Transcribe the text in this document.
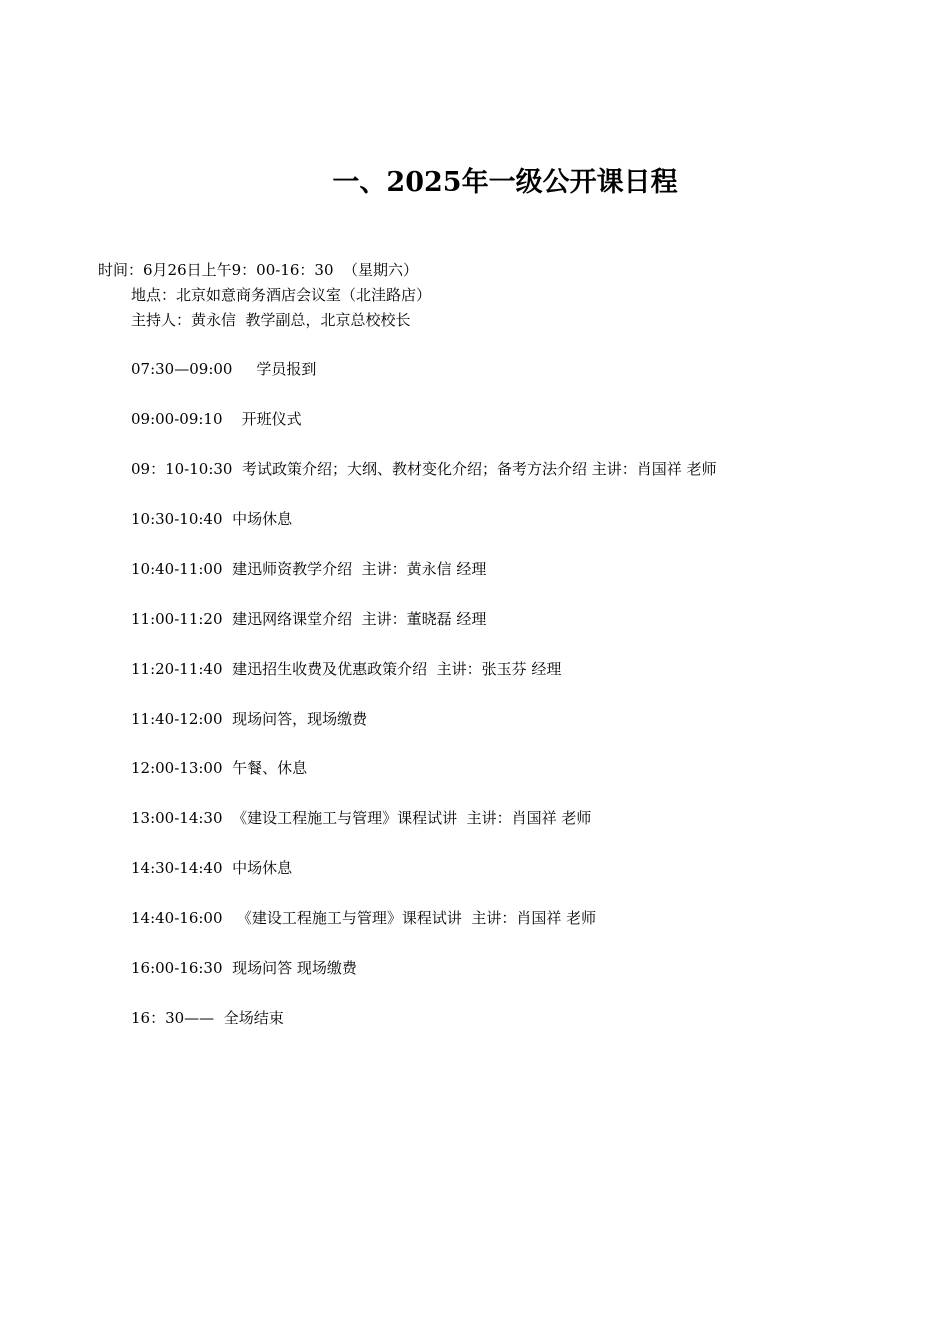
一、2025年一级公开课日程
时间：6月26日上午9：00-16：30  （星期六）
地点：北京如意商务酒店会议室（北洼路店）
主持人：黄永信  教学副总，北京总校校长
07:30—09:00 学员报到
09:00-09:10 开班仪式
09：10-10:30 考试政策介绍；大纲、教材变化介绍；备考方法介绍 主讲：肖国祥 老师
10:30-10:40 中场休息
10:40-11:00 建迅师资教学介绍  主讲：黄永信 经理
11:00-11:20 建迅网络课堂介绍  主讲：董晓磊 经理
11:20-11:40 建迅招生收费及优惠政策介绍  主讲：张玉芬 经理
11:40-12:00 现场问答，现场缴费
12:00-13:00 午餐、休息
13:00-14:30 《建设工程施工与管理》课程试讲  主讲：肖国祥 老师
14:30-14:40 中场休息
14:40-16:00 《建设工程施工与管理》课程试讲  主讲：肖国祥 老师
16:00-16:30 现场问答 现场缴费
16：30—— 全场结束
